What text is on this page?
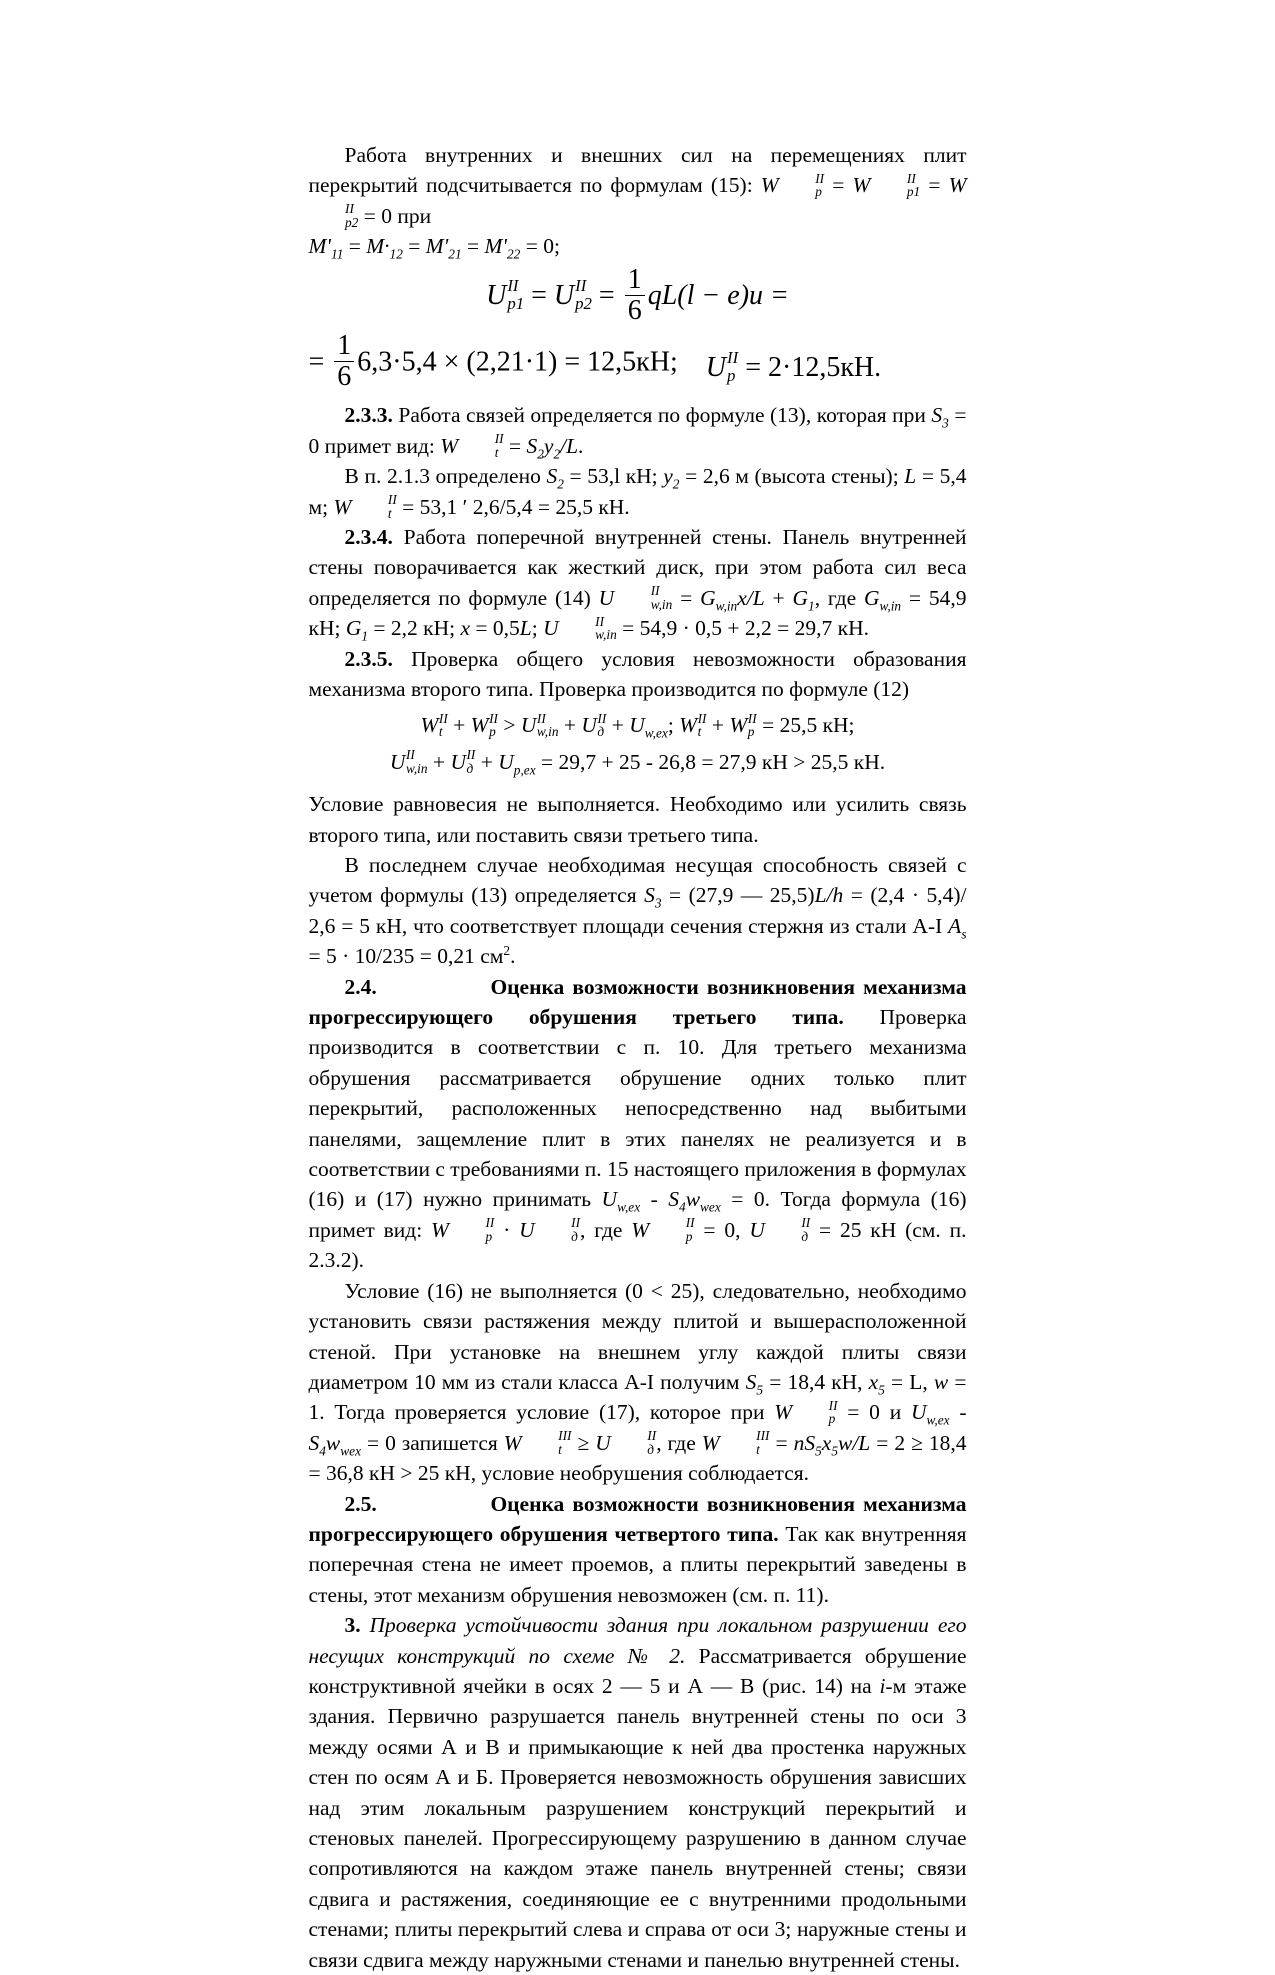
Работа внутренних и внешних сил на перемещениях плит перекрытий подсчитывается по формулам (15): W	II
p = W	II
p1 = W
II
p2 = 0 при
$M'_{11} = M\cdot_{12} = M'_{21} = M'_{22} = 0$;

U II
p1 = U II
$p2 = \frac{1}{6} qL(l - e)u$ =
= $\frac{1}{6} 6,3\cdot 5,4 \times (2,21\cdot 1) = 12,5кН$;	U II
p = 2·12,5кН.

2.3.3. Работа связей определяется по формуле (13), которая при $S_3 = 0$ примет вид: W	II
$t = S_2y_2/L$.

В п. 2.1.3 определено $S_2 = 53,l$ кН; $y_2 = 2,6$ м (высота стены); L = 5,4 м; W	II
t = 53,1 ′ 2,6/5,4 = 25,5 кН.

2.3.4. Работа поперечной внутренней стены. Панель внутренней стены поворачивается как жесткий диск, при этом работа сил веса определяется по формуле (14) U	II
$w,in = G_{w,in}x/L + G_1$, где $G_{w,in} = 54,9$ кН; $G_1 = 2,2$ кН; x = 0,5L; U	II
w,in = 54,9 · 0,5 + 2,2 = 29,7 кН.

2.3.5. Проверка общего условия невозможности образования механизма второго типа. Проверка производится по формуле (12)

W II
t + W II
p > U II
w,in + U II
$д + U_{w,ex}$; W II
t + W II
p = 25,5 кН;

U II
w,in + U II
$д + U_{p,ex} = 29,7 + 25 - 26,8 = 27,9$ кН > 25,5 кН.

Условие равновесия не выполняется. Необходимо или усилить связь второго типа, или поставить связи третьего типа.

В последнем случае необходимая несущая способность связей с учетом формулы (13) определяется $S_3 = (27,9$ — 25,5)L/h = (2,4 · 5,4)/ 2,6 = 5 кН, что соответствует площади сечения стержня из стали А-I $A_s = 5 \cdot 10/235 = 0,21$ $см^2$.

2.4.	Оценка возможности возникновения механизма прогрессирующего обрушения третьего типа. Проверка производится в соответствии с п. 10. Для третьего механизма обрушения рассматривается обрушение одних только плит перекрытий, расположенных непосредственно над выбитыми панелями, защемление плит в этих панелях не реализуется и в соответствии с требованиями п. 15 настоящего приложения в формулах (16) и (17) нужно принимать $U_{w,ex} - S_4w_{wex} = 0$. Тогда формула (16) примет вид: W	II
p · U	II
д , где W	II
p = 0, U	II
д = 25 кН (см. п. 2.3.2).

Условие (16) не выполняется (0 < 25), следовательно, необходимо установить связи растяжения между плитой и вышерасположенной стеной. При установке на внешнем углу каждой плиты связи диаметром 10 мм из стали класса А-I получим $S_5 = 18,4$ кН, $x_5 = L$, w = 1. Тогда проверяется условие (17), которое при W	II
p = 0 и $U_{w,ex} - S_4w_{wex} = 0$ запишется W	III
t ≥ U	II
д , где W	III
$t = nS_5x_5w/L = 2 \ge 18,4 = 36,8$ кН > 25 кН, условие необрушения соблюдается.

2.5.	Оценка возможности возникновения механизма прогрессирующего обрушения четвертого типа. Так как внутренняя поперечная стена не имеет проемов, а плиты перекрытий заведены в стены, этот механизм обрушения невозможен (см. п. 11).

3. Проверка устойчивости здания при локальном разрушении его несущих конструкций по схеме № 2. Рассматривается обрушение конструктивной ячейки в осях 2 — 5 и А — В (рис. 14) на i-м этаже здания. Первично разрушается панель внутренней стены по оси 3 между осями А и В и примыкающие к ней два простенка наружных стен по осям А и Б. Проверяется невозможность обрушения зависших над этим локальным разрушением конструкций перекрытий и стеновых панелей. Прогрессирующему разрушению в данном случае сопротивляются на каждом этаже панель внутренней стены; связи сдвига и растяжения, соединяющие ее с внутренними продольными стенами; плиты перекрытий слева и справа от оси 3; наружные стены и связи сдвига между наружными стенами и панелью внутренней стены.
